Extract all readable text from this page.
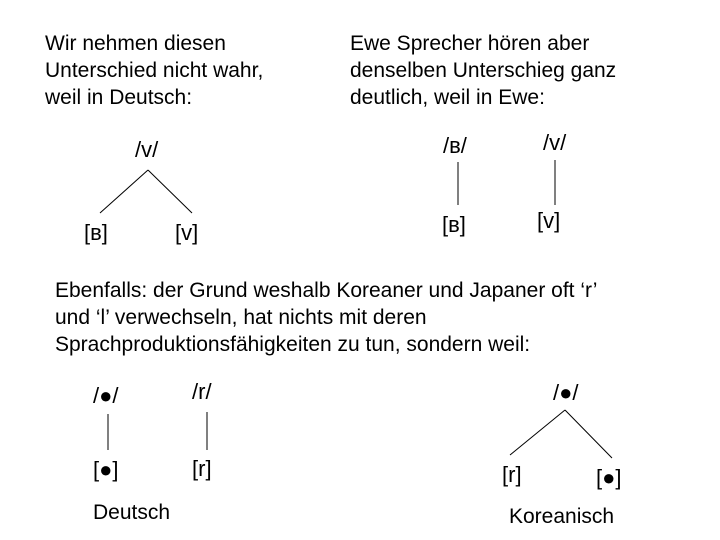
Wir nehmen diesen
Unterschied nicht wahr,
weil in Deutsch:
Ewe Sprecher hören aber
denselben Unterschieg ganz
deutlich, weil in Ewe:
/v/
[ʙ]	[v]
/ʙ/	/v/
[ʙ]	[v]
Ebenfalls: der Grund weshalb Koreaner und Japaner oft ‘r’
und ‘l’ verwechseln, hat nichts mit deren
Sprachproduktionsfähigkeiten zu tun, sondern weil:
/●/	/r/
[●]	[r]
Deutsch
/●/
[r]	[●]
Koreanisch
